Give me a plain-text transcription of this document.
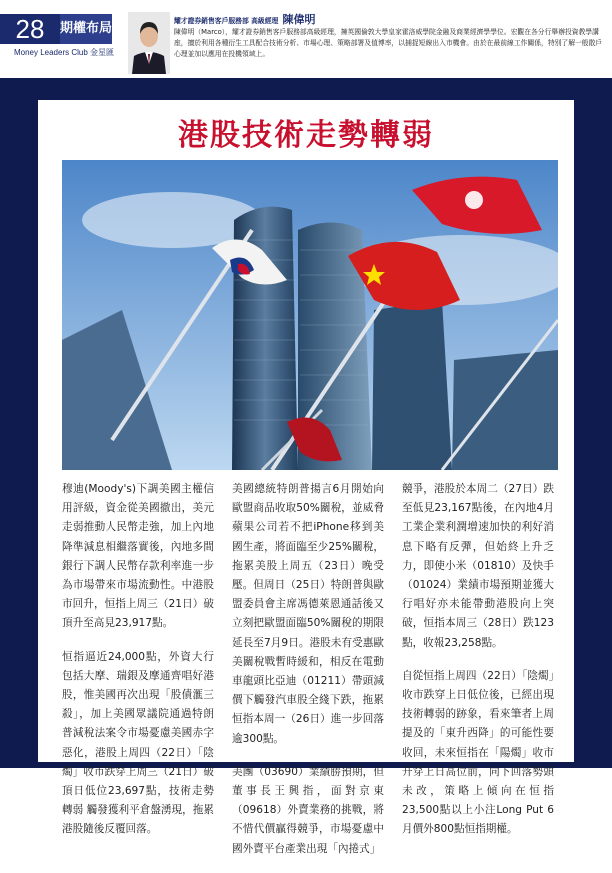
28	期權布局
Money Leaders Club 金星匯
耀才證券銷售客戶服務部 高級經理 陳偉明
陳偉明（Marco），耀才證券銷售客戶服務部高級經理，擁英國倫敦大學皇家霍洛威學院金融及商業經濟學學位。宏觀在各分行舉辦投資教學講座，擅於利用各種衍生工具配合技術分析、市場心理、策略部署及值博率，以捕捉短線出入市機會。由於在最前線工作關係，特別了解一般散戶心理並加以應用在投機領域上。
港股技術走勢轉弱

穆迪(Moody's)下調美國主權信用評級，資金從美國撤出，美元走弱推動人民幣走強，加上內地降準減息相繼落實後，內地多間銀行下調人民幣存款利率進一步為市場帶來市場流動性。中港股市回升，恒指上周三（21日）破頂升至高見23,917點。

恒指逼近24,000點，外資大行包括大摩、瑞銀及摩通齊唱好港股，惟美國再次出現「股債滙三殺」，加上美國眾議院通過特朗普減稅法案令市場憂慮美國赤字惡化，港股上周四（22日）「陰燭」收市跌穿上周三（21日）破頂日低位23,697點，技術走勢轉弱 觸發獲利平倉盤湧現，拖累港股隨後反覆回落。

美國總統特朗普揚言6月開始向歐盟商品收取50%關稅，並威脅蘋果公司若不把iPhone移到美國生產，將面臨至少25%關稅，拖累美股上周五（23日）晚受壓。但周日（25日）特朗普與歐盟委員會主席馮德萊恩通話後又立刻把歐盟面臨50%關稅的期限延長至7月9日。港股未有受惠歐美關稅戰暫時緩和，相反在電動車龍頭比亞迪（01211）帶頭減價下觸發汽車股全綫下跌，拖累恒指本周一（26日）進一步回落逾300點。

美團（03690）業績勝預期，但董事長王興指，面對京東（09618）外賣業務的挑戰，將不惜代價贏得競爭，市場憂慮中國外賣平台產業出現「內捲式」

競爭，港股於本周二（27日）跌至低見23,167點後，在內地4月工業企業利潤增速加快的利好消息下略有反彈，但始終上升乏力，即使小米（01810）及快手（01024）業績市場預期並獲大行唱好亦未能帶動港股向上突破，恒指本周三（28日）跌123點，收報23,258點。

自從恒指上周四（22日）「陰燭」收市跌穿上日低位後，已經出現技術轉弱的跡象，看來筆者上周提及的「東升西降」的可能性要收回，未來恒指在「陽燭」收市升穿上日高位前，向下回落勢頭未改，策略上傾向在恒指23,500點以上小注Long Put 6月價外800點恒指期權。
